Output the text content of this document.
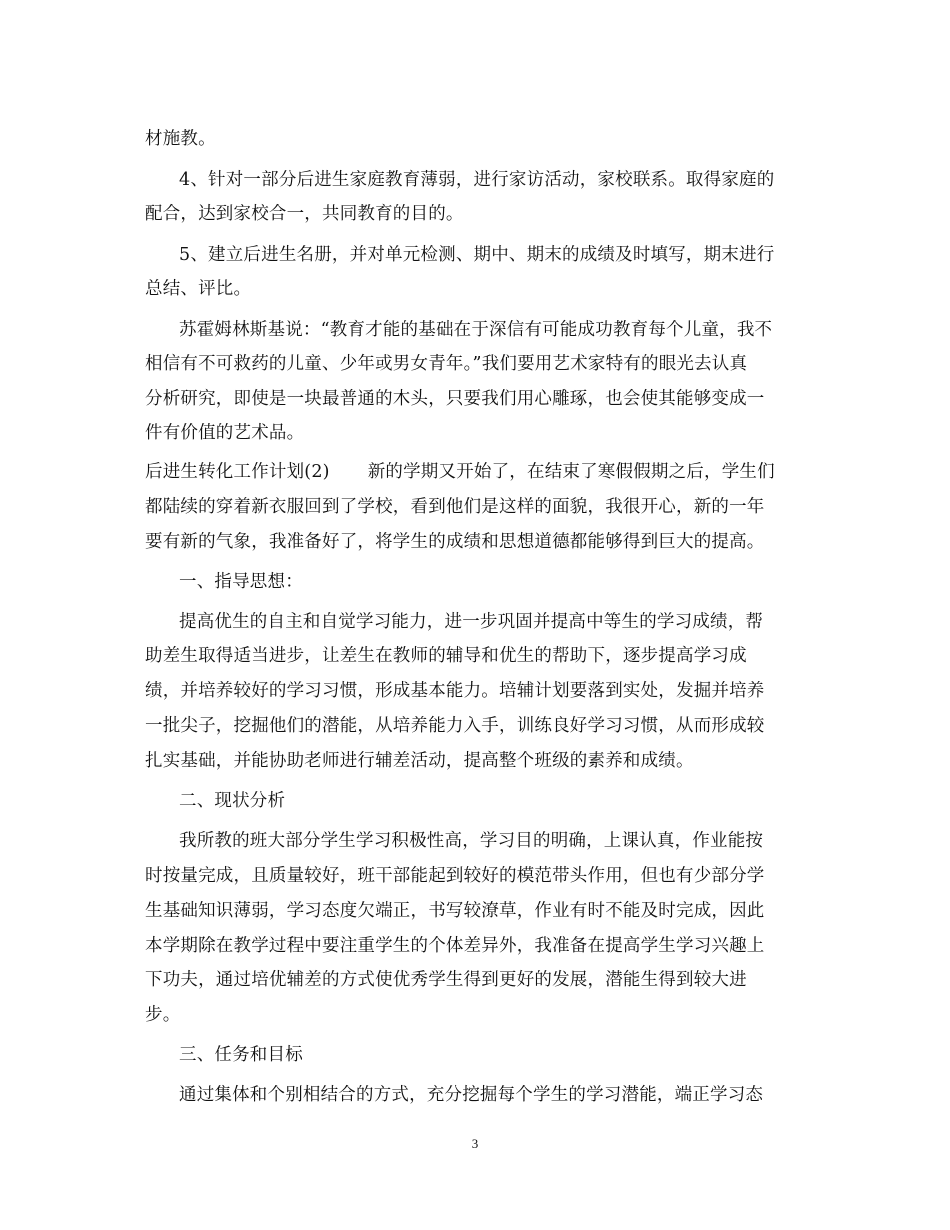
材施教。
4、针对一部分后进生家庭教育薄弱，进行家访活动，家校联系。取得家庭的
配合，达到家校合一，共同教育的目的。
5、建立后进生名册，并对单元检测、期中、期末的成绩及时填写，期末进行
总结、评比。
苏霍姆林斯基说：“教育才能的基础在于深信有可能成功教育每个儿童，我不
相信有不可救药的儿童、少年或男女青年。”我们要用艺术家特有的眼光去认真
分析研究，即使是一块最普通的木头，只要我们用心雕琢，也会使其能够变成一
件有价值的艺术品。
后进生转化工作计划(2) 新的学期又开始了，在结束了寒假假期之后，学生们
都陆续的穿着新衣服回到了学校，看到他们是这样的面貌，我很开心，新的一年
要有新的气象，我准备好了，将学生的成绩和思想道德都能够得到巨大的提高。
一、指导思想：
提高优生的自主和自觉学习能力，进一步巩固并提高中等生的学习成绩，帮
助差生取得适当进步，让差生在教师的辅导和优生的帮助下，逐步提高学习成
绩，并培养较好的学习习惯，形成基本能力。培辅计划要落到实处，发掘并培养
一批尖子，挖掘他们的潜能，从培养能力入手，训练良好学习习惯，从而形成较
扎实基础，并能协助老师进行辅差活动，提高整个班级的素养和成绩。
二、现状分析
我所教的班大部分学生学习积极性高，学习目的明确，上课认真，作业能按
时按量完成，且质量较好，班干部能起到较好的模范带头作用，但也有少部分学
生基础知识薄弱，学习态度欠端正，书写较潦草，作业有时不能及时完成，因此
本学期除在教学过程中要注重学生的个体差异外，我准备在提高学生学习兴趣上
下功夫，通过培优辅差的方式使优秀学生得到更好的发展，潜能生得到较大进
步。
三、任务和目标
通过集体和个别相结合的方式，充分挖掘每个学生的学习潜能，端正学习态
3
